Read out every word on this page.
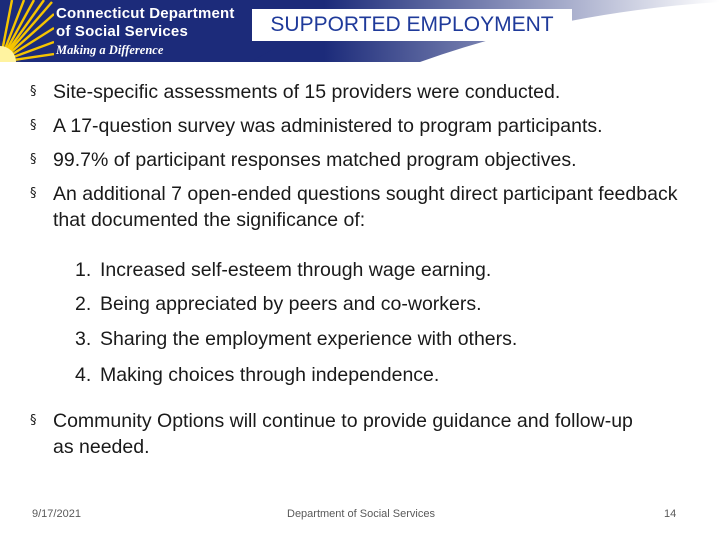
Connecticut Department
of Social Services
Making a Difference
SUPPORTED EMPLOYMENT
§ Site-specific assessments of 15 providers were conducted.
§ A 17-question survey was administered to program participants.
§ 99.7% of participant responses matched program objectives.
§ An additional 7 open-ended questions sought direct participant feedback that documented the significance of:
1. Increased self-esteem through wage earning.
2. Being appreciated by peers and co-workers.
3. Sharing the employment experience with others.
4. Making choices through independence.
§ Community Options will continue to provide guidance and follow-up as needed.
9/17/2021	Department of Social Services	14
